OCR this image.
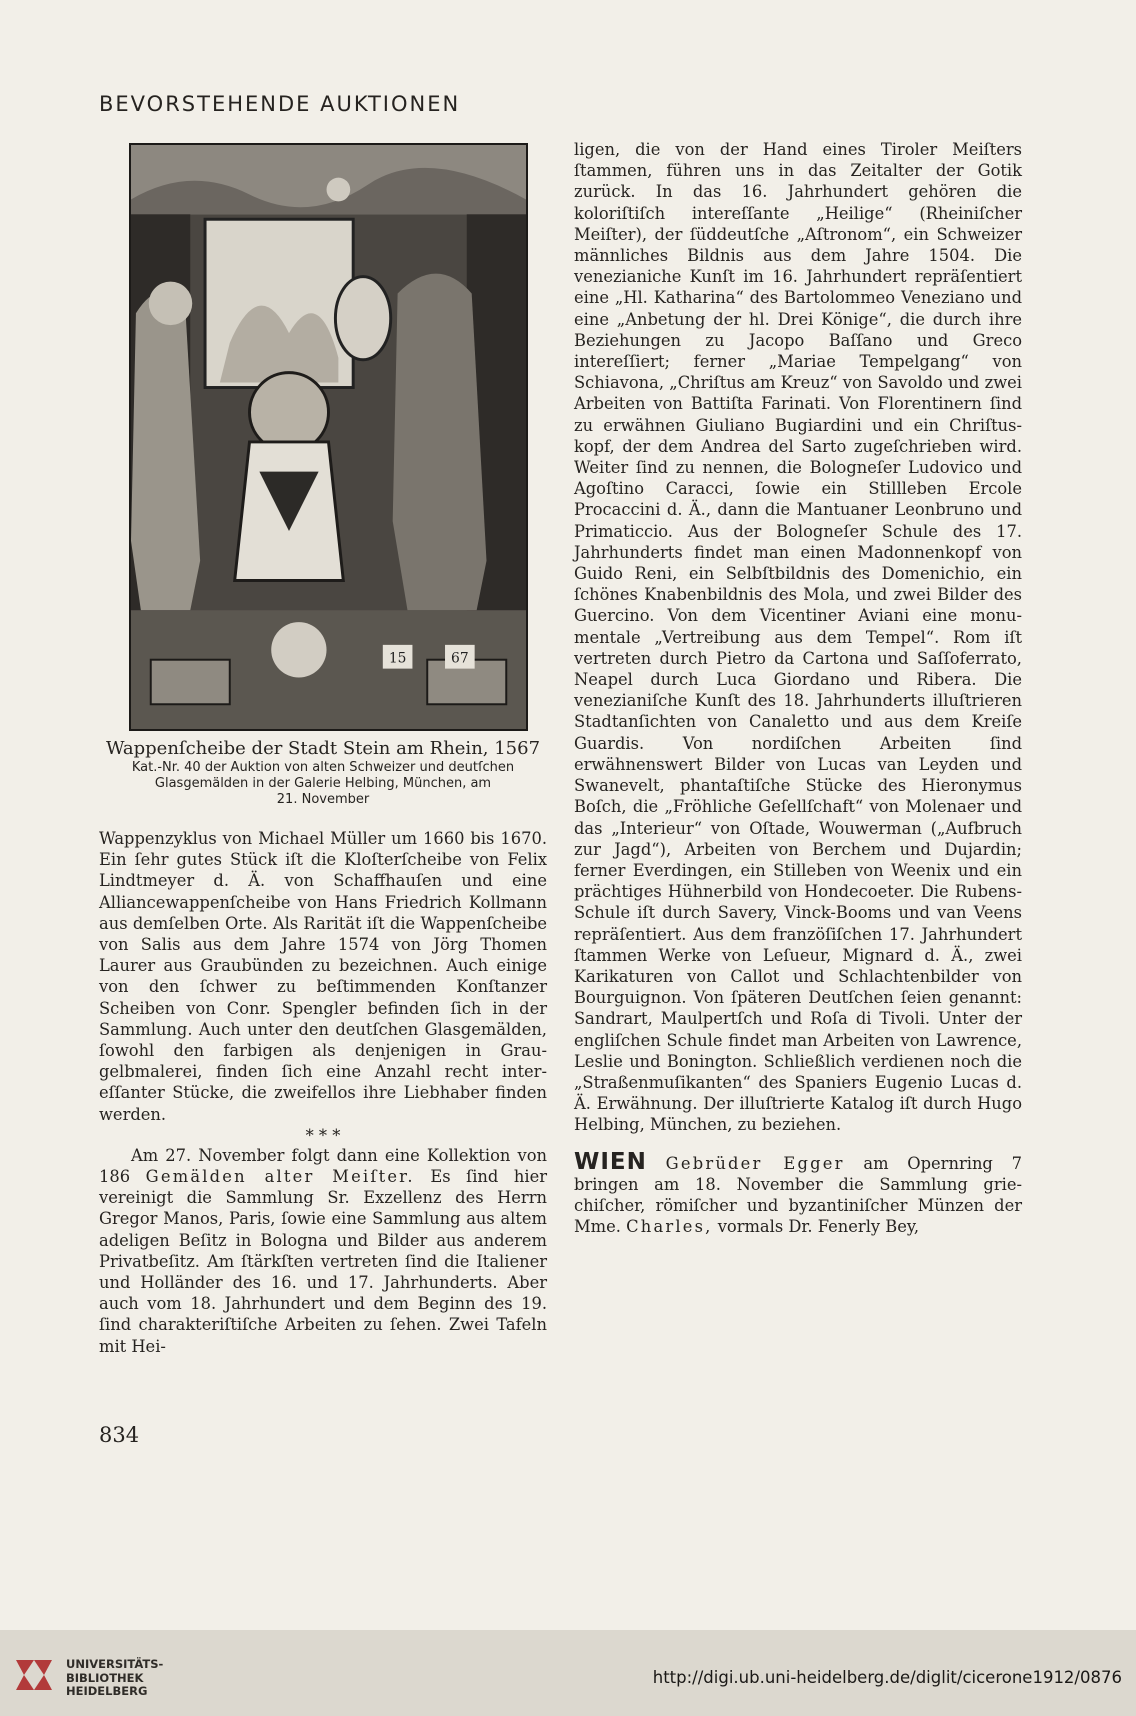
BEVORSTEHENDE AUKTIONEN
15	67
Wappenſcheibe der Stadt Stein am Rhein, 1567
Kat.-Nr. 40 der Auktion von alten Schweizer und deutſchen
Glasgemälden in der Galerie Helbing, München, am
21. November

Wappenzyklus von Michael Müller um 1660 bis 1670. Ein ſehr gutes Stück iſt die Kloſterſcheibe von Felix Lindtmeyer d. Ä. von Schaffhauſen und eine Alliancewappenſcheibe von Hans Friedrich Kollmann aus demſelben Orte. Als Rarität iſt die Wappenſcheibe von Salis aus dem Jahre 1574 von Jörg Thomen Laurer aus Graubünden zu bezeichnen. Auch einige von den ſchwer zu beſtimmenden Konſtanzer Scheiben von Conr. Spengler befinden ſich in der Sammlung. Auch unter den deutſchen Glasgemälden, ſowohl den farbigen als denjenigen in Graugelbmalerei, finden ſich eine Anzahl recht intereſſanter Stücke, die zweifellos ihre Liebhaber finden werden.

* * *

Am 27. November folgt dann eine Kollektion von 186 Gemälden alter Meiſter. Es ſind hier vereinigt die Sammlung Sr. Exzellenz des Herrn Gregor Manos, Paris, ſowie eine Sammlung aus altem adeligen Beſitz in Bologna und Bilder aus anderem Privatbeſitz. Am ſtärkſten vertreten ſind die Italiener und Holländer des 16. und 17. Jahrhunderts. Aber auch vom 18. Jahrhundert und dem Beginn des 19. ſind charakteriſtiſche Arbeiten zu ſehen. Zwei Tafeln mit Hei-

ligen, die von der Hand eines Tiroler Meiſters ſtammen, führen uns in das Zeitalter der Gotik zurück. In das 16. Jahrhundert gehören die koloriſtiſch intereſſante „Heilige“ (Rheiniſcher Meiſter), der ſüddeutſche „Aſtronom“, ein Schweizer männliches Bildnis aus dem Jahre 1504. Die venezianiche Kunſt im 16. Jahrhundert repräſentiert eine „Hl. Katharina“ des Bartolommeo Veneziano und eine „Anbetung der hl. Drei Könige“, die durch ihre Beziehungen zu Jacopo Baſſano und Greco intereſſiert; ferner „Mariae Tempelgang“ von Schiavona, „Chriſtus am Kreuz“ von Savoldo und zwei Arbeiten von Battiſta Farinati. Von Florentinern ſind zu erwähnen Giuliano Bugiardini und ein Chriſtuskopf, der dem Andrea del Sarto zugeſchrieben wird. Weiter ſind zu nennen, die Bologneſer Ludovico und Agoſtino Caracci, ſowie ein Stillleben Ercole Procaccini d. Ä., dann die Mantuaner Leonbruno und Primaticcio. Aus der Bologneſer Schule des 17. Jahrhunderts findet man einen Madonnenkopf von Guido Reni, ein Selbſtbildnis des Domenichio, ein ſchönes Knabenbildnis des Mola, und zwei Bilder des Guercino. Von dem Vicentiner Aviani eine monumentale „Vertreibung aus dem Tempel“. Rom iſt vertreten durch Pietro da Cartona und Saſſoferrato, Neapel durch Luca Giordano und Ribera. Die venezianiſche Kunſt des 18. Jahrhunderts illuſtrieren Stadtanſichten von Canaletto und aus dem Kreiſe Guardis. Von nordiſchen Arbeiten ſind erwähnenswert Bilder von Lucas van Leyden und Swanevelt, phantaſtiſche Stücke des Hieronymus Boſch, die „Fröhliche Geſellſchaft“ von Molenaer und das „Interieur“ von Oſtade, Wouwerman („Aufbruch zur Jagd“), Arbeiten von Berchem und Dujardin; ferner Everdingen, ein Stilleben von Weenix und ein prächtiges Hühnerbild von Hondecoeter. Die RubensSchule iſt durch Savery, Vinck-Booms und van Veens repräſentiert. Aus dem franzöſiſchen 17. Jahrhundert ſtammen Werke von Leſueur, Mignard d. Ä., zwei Karikaturen von Callot und Schlachtenbilder von Bourguignon. Von ſpäteren Deutſchen ſeien genannt: Sandrart, Maulpertſch und Roſa di Tivoli. Unter der engliſchen Schule findet man Arbeiten von Lawrence, Leslie und Bonington. Schließlich verdienen noch die „Straßenmuſikanten“ des Spaniers Eugenio Lucas d. Ä. Erwähnung. Der illuſtrierte Katalog iſt durch Hugo Helbing, München, zu beziehen.

WIEN Gebrüder Egger am Opernring 7 bringen am 18. November die Sammlung griechiſcher, römiſcher und byzantiniſcher Münzen der Mme. Charles, vormals Dr. Fenerly Bey,

834
UNIVERSITÄTS-
BIBLIOTHEK
HEIDELBERG
http://digi.ub.uni-heidelberg.de/diglit/cicerone1912/0876
